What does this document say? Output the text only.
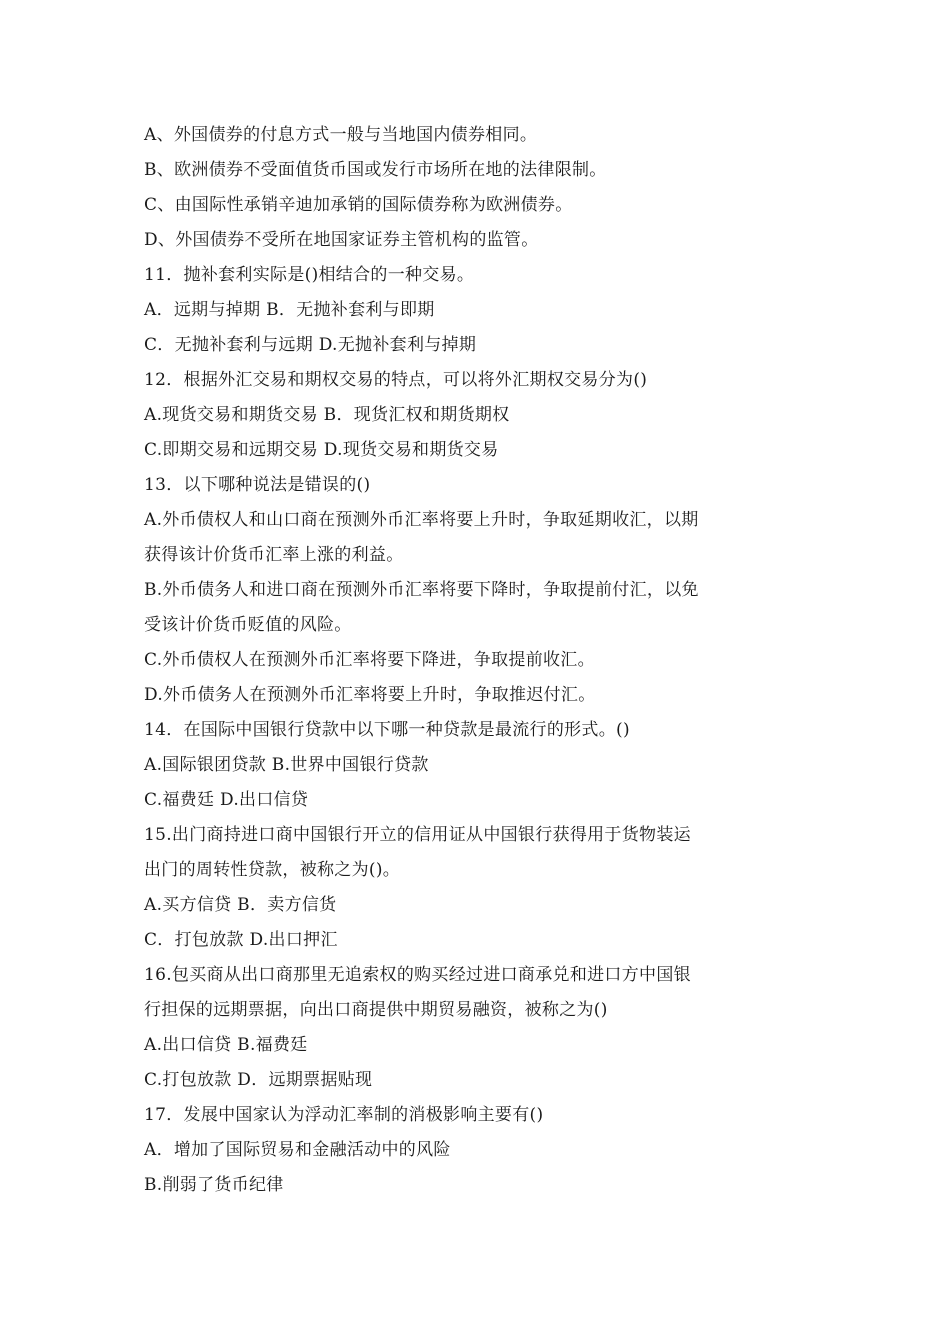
A、外国债券的付息方式一般与当地国内债券相同。
B、欧洲债券不受面值货币国或发行市场所在地的法律限制。
C、由国际性承销辛迪加承销的国际债券称为欧洲债券。
D、外国债券不受所在地国家证券主管机构的监管。
11．抛补套利实际是()相结合的一种交易。
A．远期与掉期 B．无抛补套利与即期
C．无抛补套利与远期 D.无抛补套利与掉期
12．根据外汇交易和期权交易的特点，可以将外汇期权交易分为()
A.现货交易和期货交易 B．现货汇权和期货期权
C.即期交易和远期交易 D.现货交易和期货交易
13．以下哪种说法是错误的()
A.外币债权人和山口商在预测外币汇率将要上升时，争取延期收汇，以期
获得该计价货币汇率上涨的利益。
B.外币债务人和进口商在预测外币汇率将要下降时，争取提前付汇，以免
受该计价货币贬值的风险。
C.外币债权人在预测外币汇率将要下降进，争取提前收汇。
D.外币债务人在预测外币汇率将要上升时，争取推迟付汇。
14．在国际中国银行贷款中以下哪一种贷款是最流行的形式。()
A.国际银团贷款 B.世界中国银行贷款
C.福费廷 D.出口信贷
15.出门商持进口商中国银行开立的信用证从中国银行获得用于货物装运
出门的周转性贷款，被称之为()。
A.买方信贷 B．卖方信货
C．打包放款 D.出口押汇
16.包买商从出口商那里无追索权的购买经过进口商承兑和进口方中国银
行担保的远期票据，向出口商提供中期贸易融资，被称之为()
A.出口信贷 B.福费廷
C.打包放款 D．远期票据贴现
17．发展中国家认为浮动汇率制的消极影响主要有()
A．增加了国际贸易和金融活动中的风险
B.削弱了货币纪律
